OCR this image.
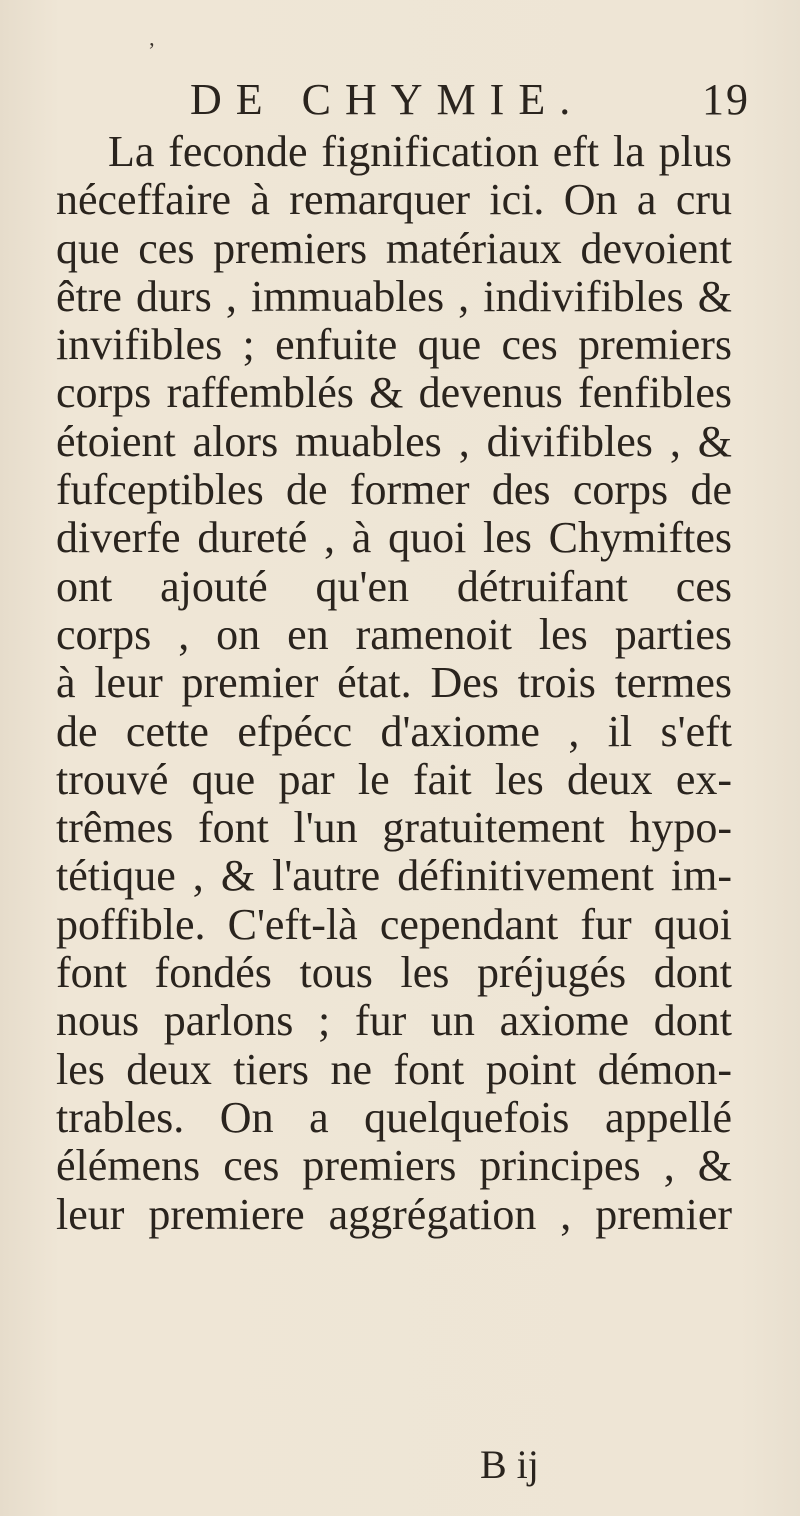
ʼ
DE CHYMIE.	19
La feconde fignification eft la plus
néceffaire à remarquer ici. On a cru
que ces premiers matériaux devoient
être durs , immuables , indivifibles &
invifibles ; enfuite que ces premiers
corps raffemblés & devenus fenfibles
étoient alors muables , divifibles , &
fufceptibles de former des corps de
diverfe dureté , à quoi les Chymiftes
ont ajouté qu'en détruifant ces
corps , on en ramenoit les parties
à leur premier état. Des trois termes
de cette efpécc d'axiome , il s'eft
trouvé que par le fait les deux ex-
trêmes font l'un gratuitement hypo-
tétique , & l'autre définitivement im-
poffible. C'eft-là cependant fur quoi
font fondés tous les préjugés dont
nous parlons ; fur un axiome dont
les deux tiers ne font point démon-
trables. On a quelquefois appellé
élémens ces premiers principes , &
leur premiere aggrégation , premier
B ij
